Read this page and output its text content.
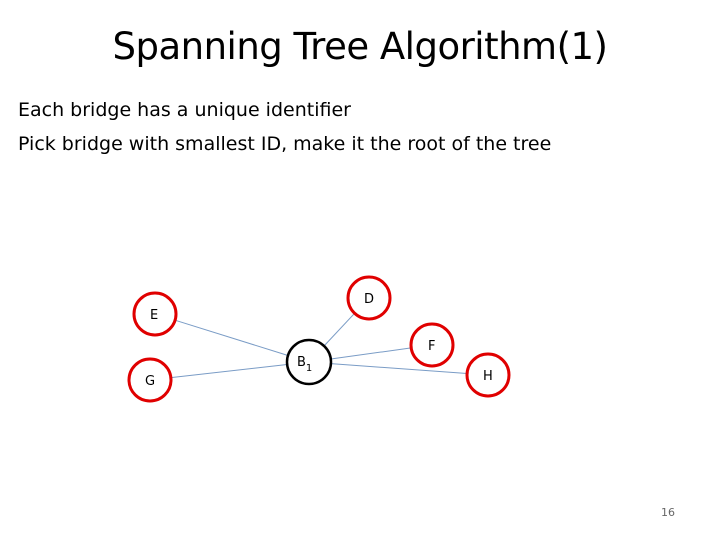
Spanning Tree Algorithm(1)
Each bridge has a unique identifier
Pick bridge with smallest ID, make it the root of the tree
D
E
F
G
$B_1$
H
16
